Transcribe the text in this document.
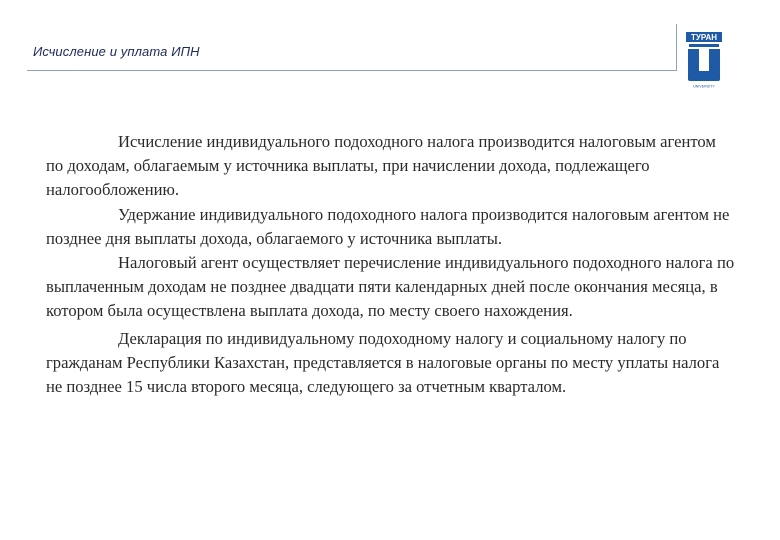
Исчисление и уплата ИПН
ТУРАН
UNIVERSITY

Исчисление индивидуального подоходного налога производится налоговым агентом по доходам, облагаемым у источника выплаты, при начислении дохода, подлежащего налогообложению.

Удержание индивидуального подоходного налога производится налоговым агентом не позднее дня выплаты дохода, облагаемого у источника выплаты.

Налоговый агент осуществляет перечисление индивидуального подоходного налога по выплаченным доходам не позднее двадцати пяти календарных дней после окончания месяца, в котором была осуществлена выплата дохода, по месту своего нахождения.

Декларация по индивидуальному подоходному налогу и социальному налогу по гражданам Республики Казахстан, представляется в налоговые органы по месту уплаты налога не позднее 15 числа второго месяца, следующего за отчетным кварталом.
